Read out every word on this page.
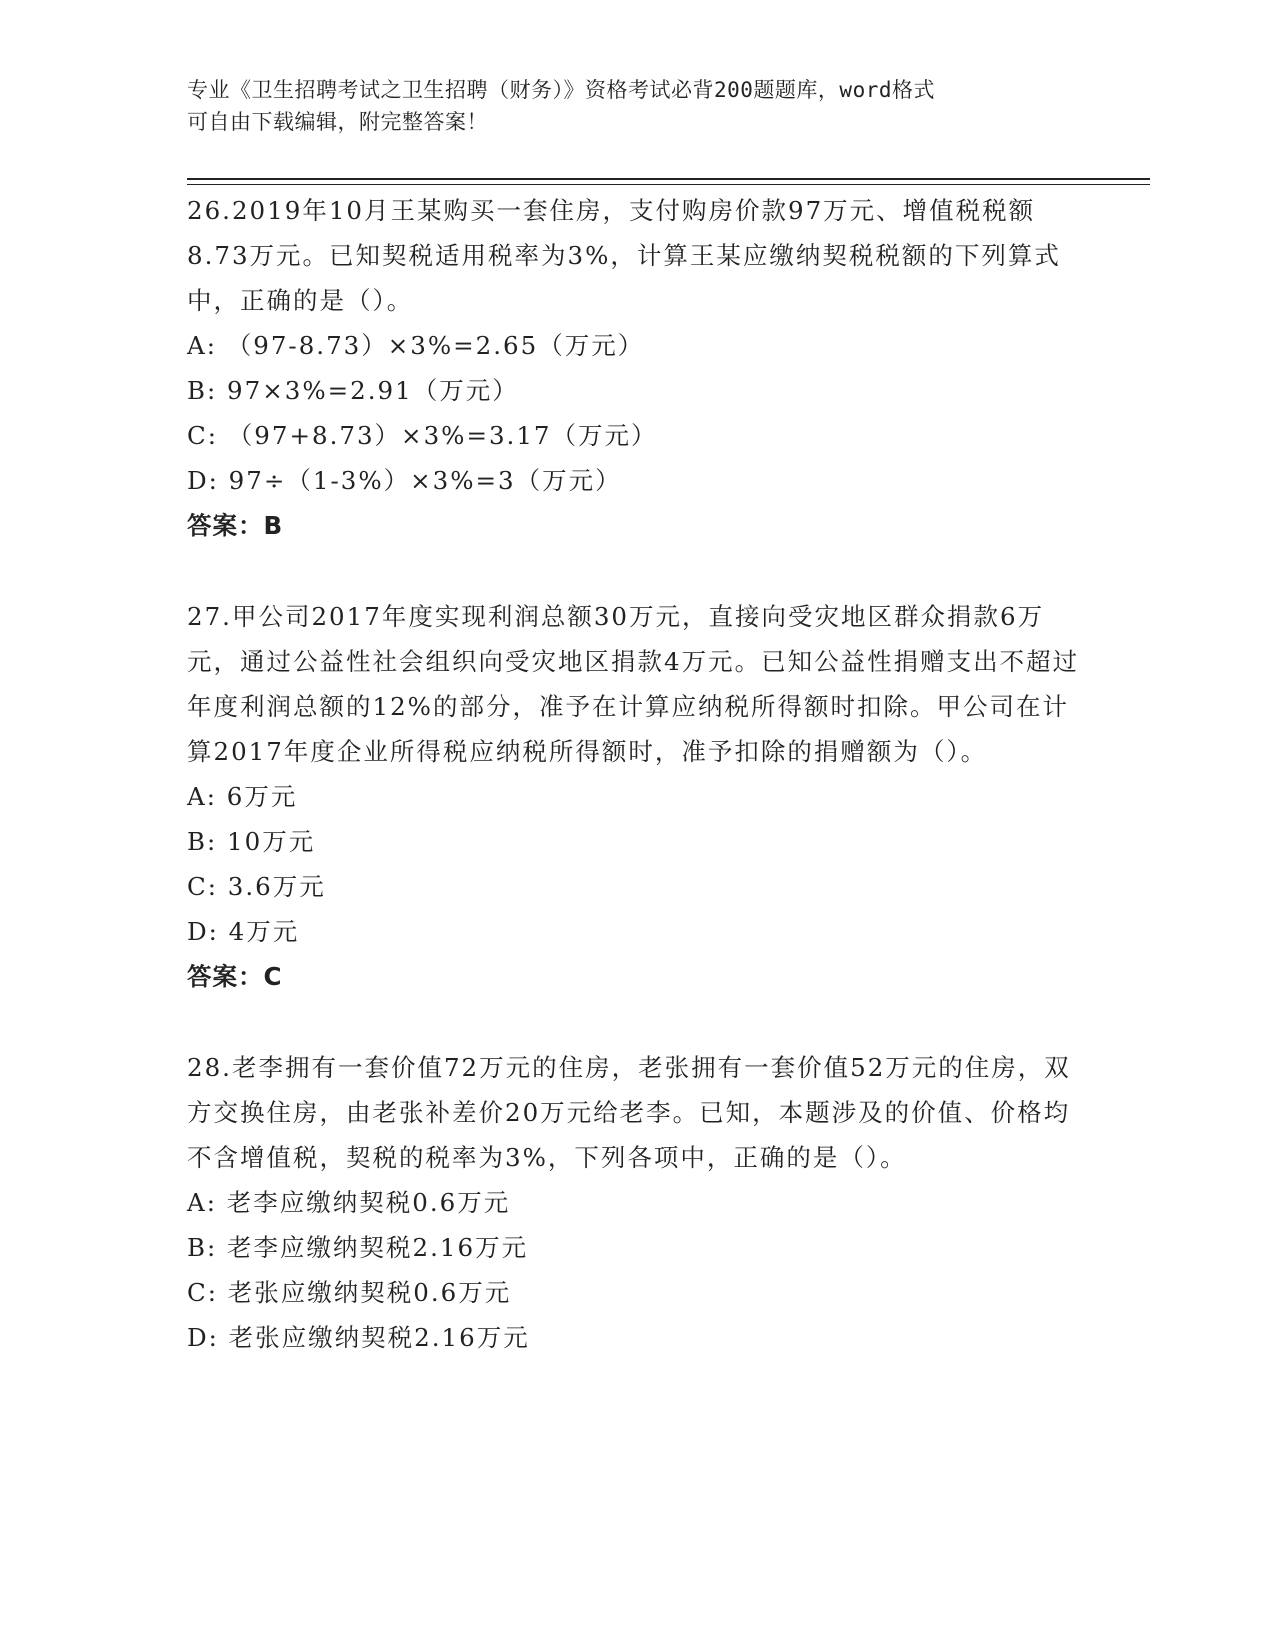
专业《卫生招聘考试之卫生招聘（财务）》资格考试必背200题题库，word格式
可自由下载编辑，附完整答案！
26.2019年10月王某购买一套住房，支付购房价款97万元、增值税税额8.73万元。已知契税适用税率为3%，计算王某应缴纳契税税额的下列算式中，正确的是（）。
A: （97-8.73）×3%=2.65（万元）
B: 97×3%=2.91（万元）
C: （97+8.73）×3%=3.17（万元）
D: 97÷（1-3%）×3%=3（万元）
答案：B
27.甲公司2017年度实现利润总额30万元，直接向受灾地区群众捐款6万元，通过公益性社会组织向受灾地区捐款4万元。已知公益性捐赠支出不超过年度利润总额的12%的部分，准予在计算应纳税所得额时扣除。甲公司在计算2017年度企业所得税应纳税所得额时，准予扣除的捐赠额为（）。
A: 6万元
B: 10万元
C: 3.6万元
D: 4万元
答案：C
28.老李拥有一套价值72万元的住房，老张拥有一套价值52万元的住房，双方交换住房，由老张补差价20万元给老李。已知，本题涉及的价值、价格均不含增值税，契税的税率为3%，下列各项中，正确的是（）。
A: 老李应缴纳契税0.6万元
B: 老李应缴纳契税2.16万元
C: 老张应缴纳契税0.6万元
D: 老张应缴纳契税2.16万元
